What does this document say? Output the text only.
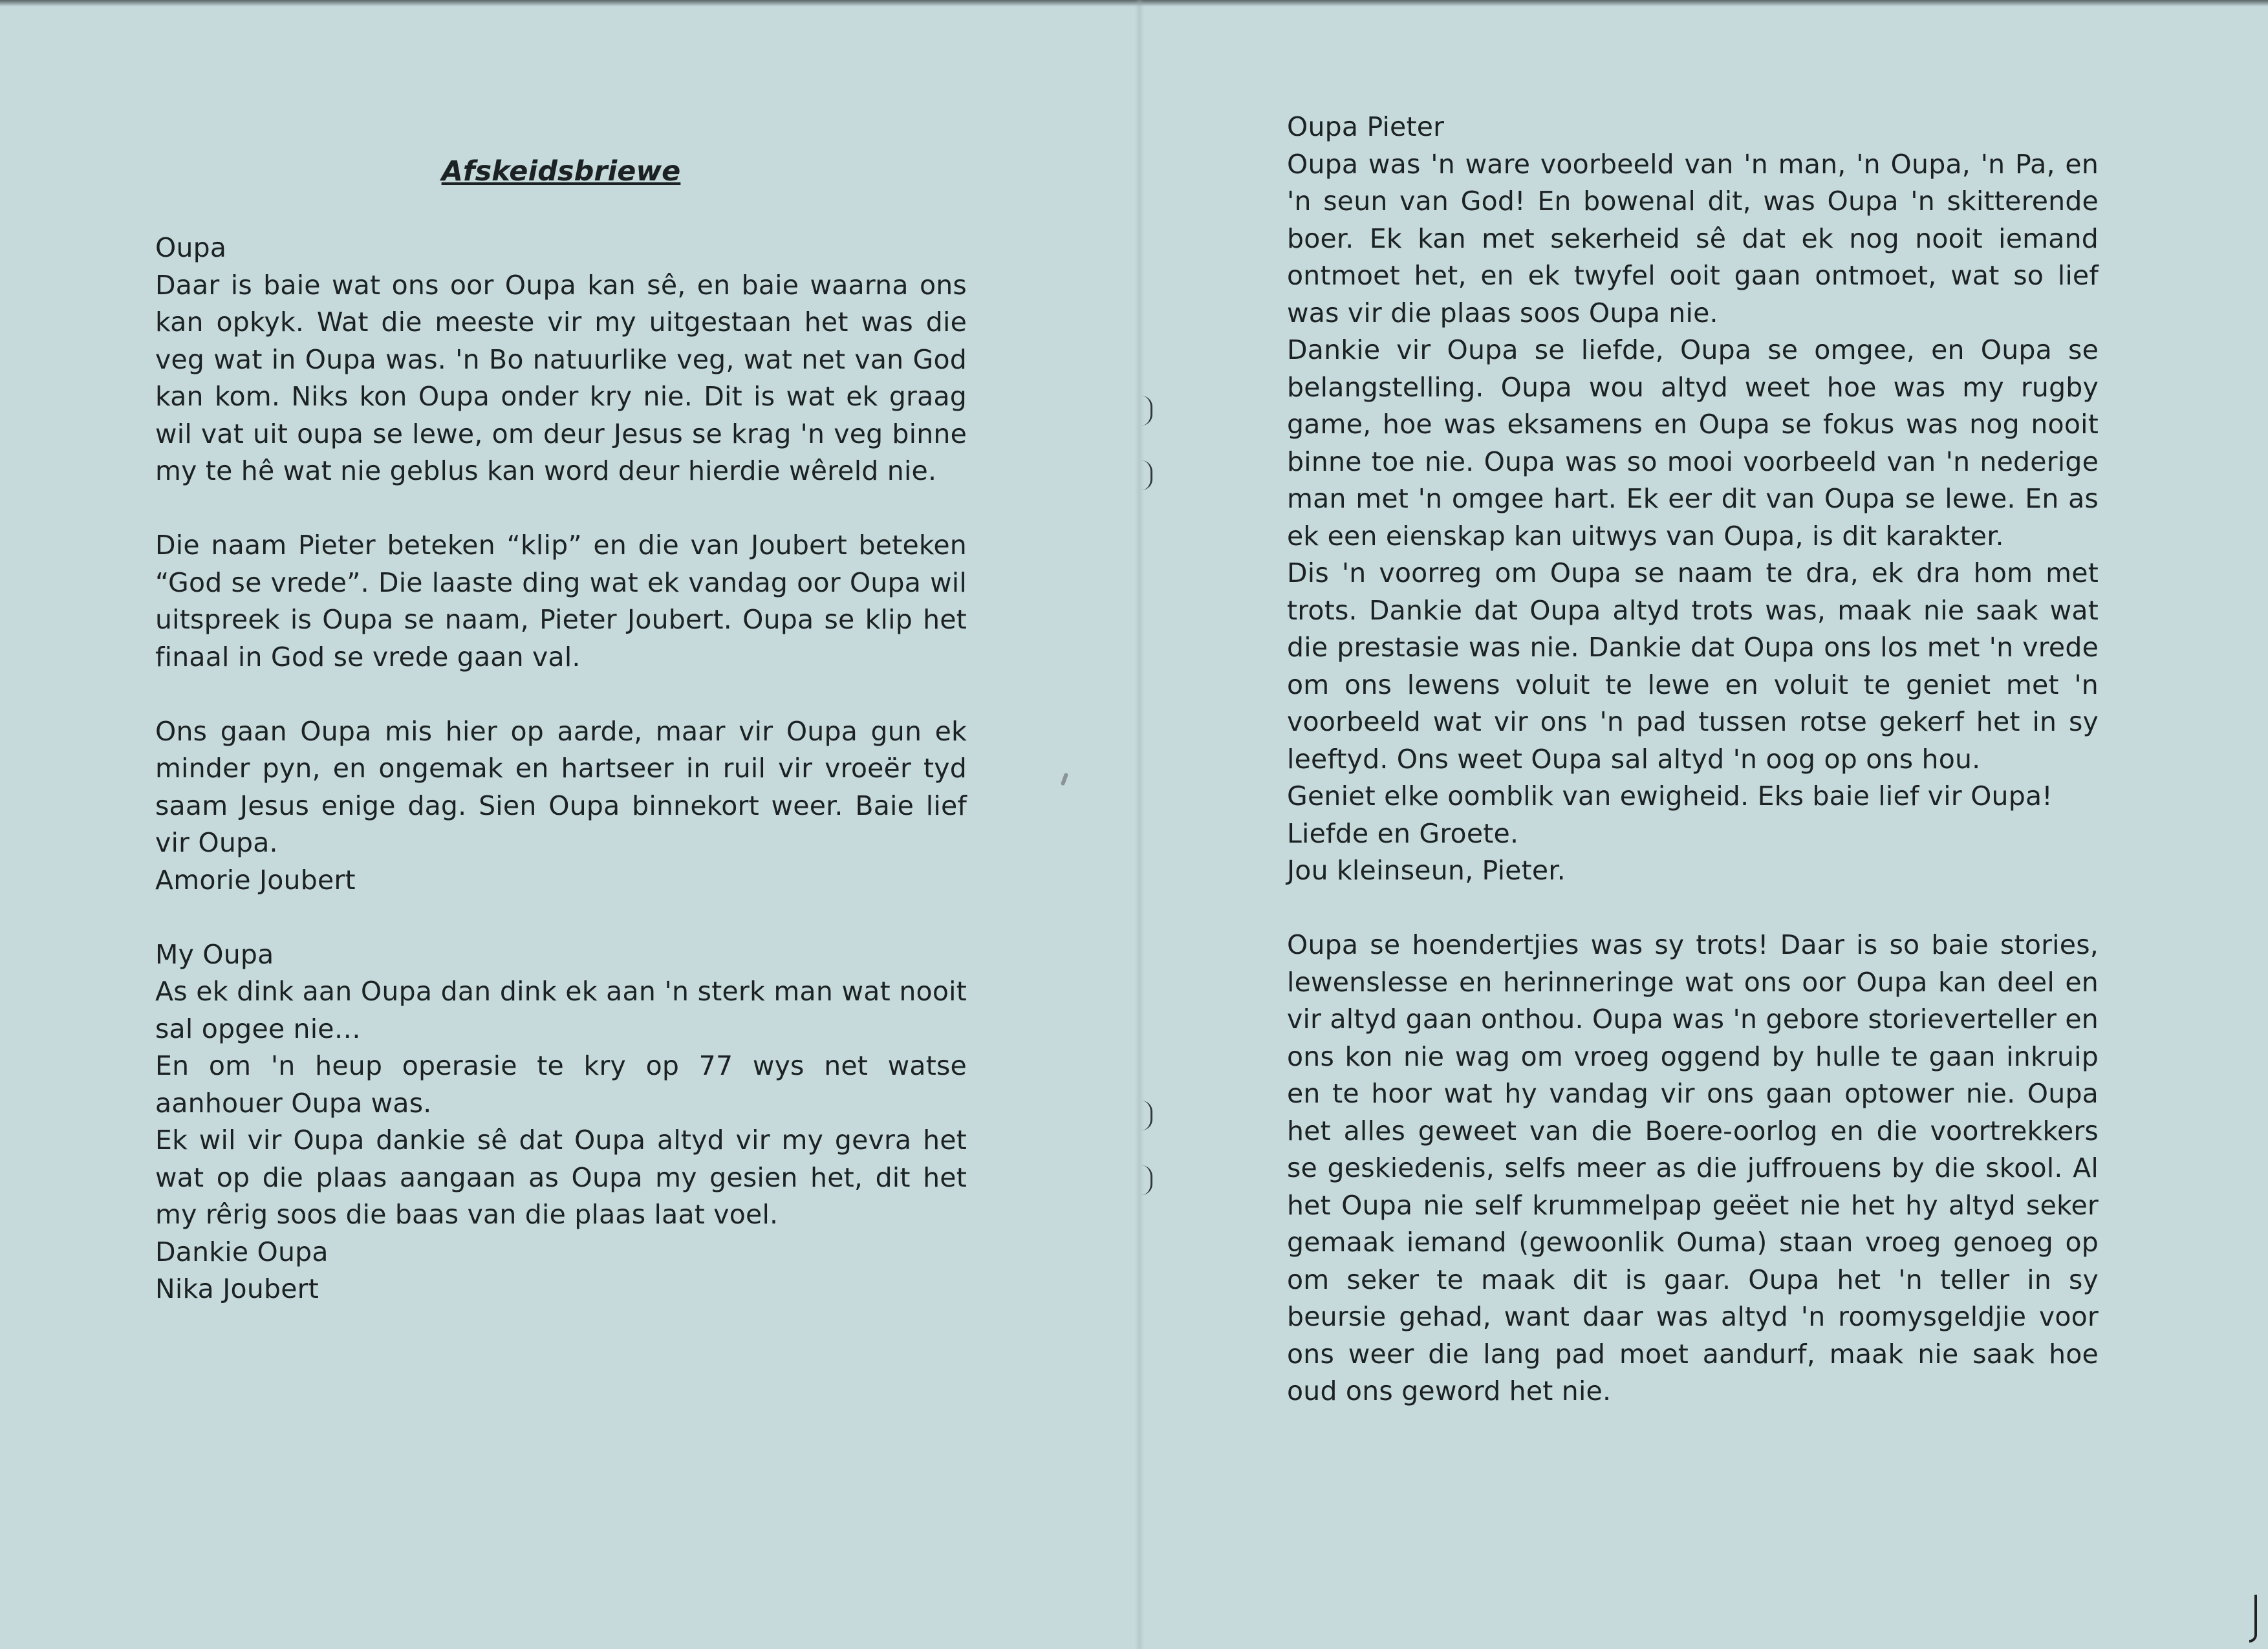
Afskeidsbriewe
Oupa
Daar is baie wat ons oor Oupa kan sê, en baie waarna ons kan opkyk. Wat die meeste vir my uitgestaan het was die veg wat in Oupa was. 'n Bo natuurlike veg, wat net van God kan kom. Niks kon Oupa onder kry nie. Dit is wat ek graag wil vat uit oupa se lewe, om deur Jesus se krag 'n veg binne my te hê wat nie geblus kan word deur hierdie wêreld nie.
Die naam Pieter beteken “klip” en die van Joubert beteken “God se vrede”. Die laaste ding wat ek vandag oor Oupa wil uitspreek is Oupa se naam, Pieter Joubert. Oupa se klip het finaal in God se vrede gaan val.
Ons gaan Oupa mis hier op aarde, maar vir Oupa gun ek minder pyn, en ongemak en hartseer in ruil vir vroeër tyd saam Jesus enige dag. Sien Oupa binnekort weer. Baie lief vir Oupa.
Amorie Joubert
My Oupa
As ek dink aan Oupa dan dink ek aan 'n sterk man wat nooit sal opgee nie…
En om 'n heup operasie te kry op 77 wys net watse aanhouer Oupa was.
Ek wil vir Oupa dankie sê dat Oupa altyd vir my gevra het wat op die plaas aangaan as Oupa my gesien het, dit het my rêrig soos die baas van die plaas laat voel.
Dankie Oupa
Nika Joubert
Oupa Pieter
Oupa was 'n ware voorbeeld van 'n man, 'n Oupa, 'n Pa, en 'n seun van God! En bowenal dit, was Oupa 'n skitterende boer. Ek kan met sekerheid sê dat ek nog nooit iemand ontmoet het, en ek twyfel ooit gaan ontmoet, wat so lief was vir die plaas soos Oupa nie.
Dankie vir Oupa se liefde, Oupa se omgee, en Oupa se belangstelling. Oupa wou altyd weet hoe was my rugby game, hoe was eksamens en Oupa se fokus was nog nooit binne toe nie. Oupa was so mooi voorbeeld van 'n nederige man met 'n omgee hart. Ek eer dit van Oupa se lewe. En as ek een eienskap kan uitwys van Oupa, is dit karakter.
Dis 'n voorreg om Oupa se naam te dra, ek dra hom met trots. Dankie dat Oupa altyd trots was, maak nie saak wat die prestasie was nie. Dankie dat Oupa ons los met 'n vrede om ons lewens voluit te lewe en voluit te geniet met 'n voorbeeld wat vir ons 'n pad tussen rotse gekerf het in sy leeftyd. Ons weet Oupa sal altyd 'n oog op ons hou.
Geniet elke oomblik van ewigheid. Eks baie lief vir Oupa!
Liefde en Groete.
Jou kleinseun, Pieter.
Oupa se hoendertjies was sy trots! Daar is so baie stories, lewenslesse en herinneringe wat ons oor Oupa kan deel en vir altyd gaan onthou. Oupa was 'n gebore storieverteller en ons kon nie wag om vroeg oggend by hulle te gaan inkruip en te hoor wat hy vandag vir ons gaan optower nie. Oupa het alles geweet van die Boere-oorlog en die voortrekkers se geskiedenis, selfs meer as die juffrouens by die skool. Al het Oupa nie self krummelpap geëet nie het hy altyd seker gemaak iemand (gewoonlik Ouma) staan vroeg genoeg op om seker te maak dit is gaar. Oupa het 'n teller in sy beursie gehad, want daar was altyd 'n roomysgeldjie voor ons weer die lang pad moet aandurf, maak nie saak hoe oud ons geword het nie.
